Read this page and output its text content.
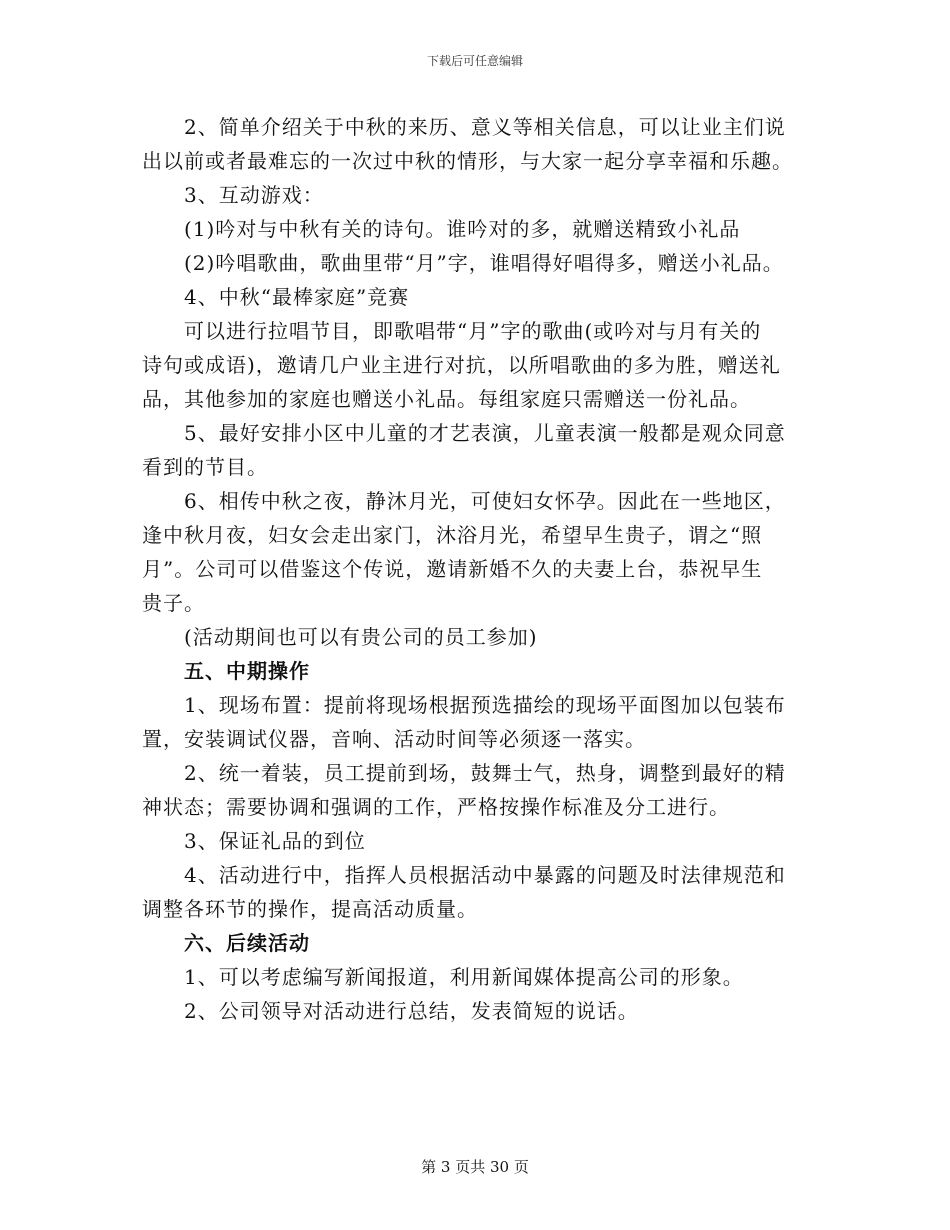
下载后可任意编辑

2、简单介绍关于中秋的来历、意义等相关信息，可以让业主们说

出以前或者最难忘的一次过中秋的情形，与大家一起分享幸福和乐趣。

3、互动游戏：

(1)吟对与中秋有关的诗句。谁吟对的多，就赠送精致小礼品

(2)吟唱歌曲，歌曲里带“月”字，谁唱得好唱得多，赠送小礼品。

4、中秋“最棒家庭”竞赛

可以进行拉唱节目，即歌唱带“月”字的歌曲(或吟对与月有关的

诗句或成语)，邀请几户业主进行对抗，以所唱歌曲的多为胜，赠送礼

品，其他参加的家庭也赠送小礼品。每组家庭只需赠送一份礼品。

5、最好安排小区中儿童的才艺表演，儿童表演一般都是观众同意

看到的节目。

6、相传中秋之夜，静沐月光，可使妇女怀孕。因此在一些地区，

逢中秋月夜，妇女会走出家门，沐浴月光，希望早生贵子，谓之“照

月”。公司可以借鉴这个传说，邀请新婚不久的夫妻上台，恭祝早生

贵子。

(活动期间也可以有贵公司的员工参加)

五、中期操作

1、现场布置：提前将现场根据预选描绘的现场平面图加以包装布

置，安装调试仪器，音响、活动时间等必须逐一落实。

2、统一着装，员工提前到场，鼓舞士气，热身，调整到最好的精

神状态；需要协调和强调的工作，严格按操作标准及分工进行。

3、保证礼品的到位

4、活动进行中，指挥人员根据活动中暴露的问题及时法律规范和

调整各环节的操作，提高活动质量。

六、后续活动

1、可以考虑编写新闻报道，利用新闻媒体提高公司的形象。

2、公司领导对活动进行总结，发表简短的说话。

第 3 页共 30 页
